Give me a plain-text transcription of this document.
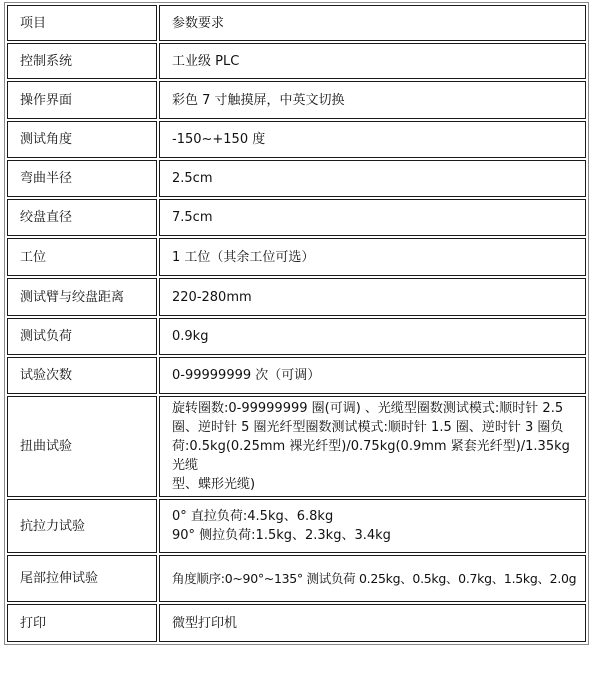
项目	参数要求
控制系统	工业级 PLC

操作界面	彩色 7 寸触摸屏，中英文切换

测试角度	-150~+150 度

弯曲半径	2.5cm

绞盘直径	7.5cm

工位	1 工位（其余工位可选）

测试臂与绞盘距离	220-280mm

测试负荷	0.9kg

试验次数	0-99999999 次（可调）

扭曲试验	旋转圈数:0-99999999 圈(可调) 、光缆型圈数测试模式:顺时针 2.5
圈、逆时针 5 圈光纤型圈数测试模式:顺时针 1.5 圈、逆时针 3 圈负
荷:0.5kg(0.25mm 裸光纤型)/0.75kg(0.9mm 紧套光纤型)/1.35kg 光缆
型、蝶形光缆)

抗拉力试验	0° 直拉负荷:4.5kg、6.8kg
90° 侧拉负荷:1.5kg、2.3kg、3.4kg

尾部拉伸试验	角度顺序:0~90°~135° 测试负荷 0.25kg、0.5kg、0.7kg、1.5kg、2.0g

打印	微型打印机
